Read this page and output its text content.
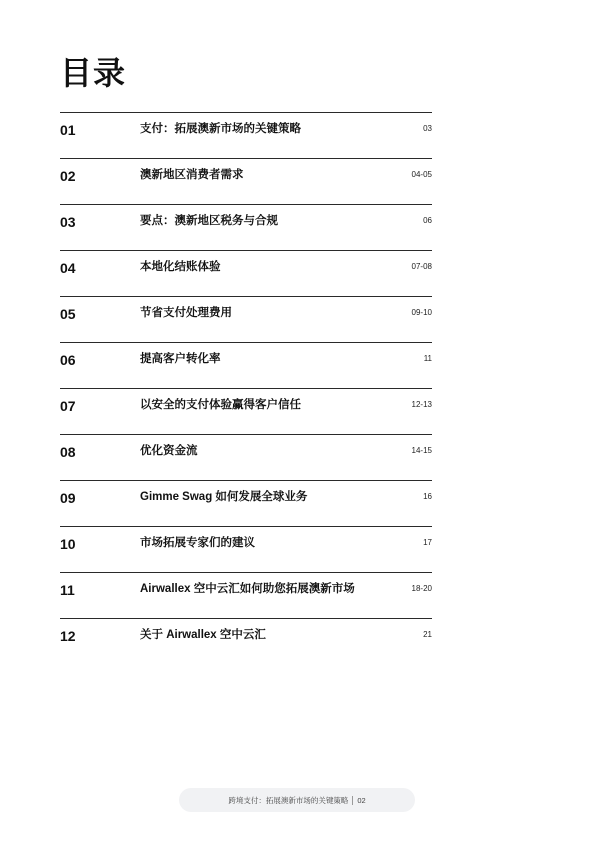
目录
01	支付：拓展澳新市场的关键策略	03
02	澳新地区消费者需求	04-05
03	要点：澳新地区税务与合规	06
04	本地化结账体验	07-08
05	节省支付处理费用	09-10
06	提高客户转化率	11
07	以安全的支付体验赢得客户信任	12-13
08	优化资金流	14-15
09	Gimme Swag 如何发展全球业务	16
10	市场拓展专家们的建议	17
11	Airwallex 空中云汇如何助您拓展澳新市场	18-20
12	关于 Airwallex 空中云汇	21
跨境支付：拓展澳新市场的关键策略 02
